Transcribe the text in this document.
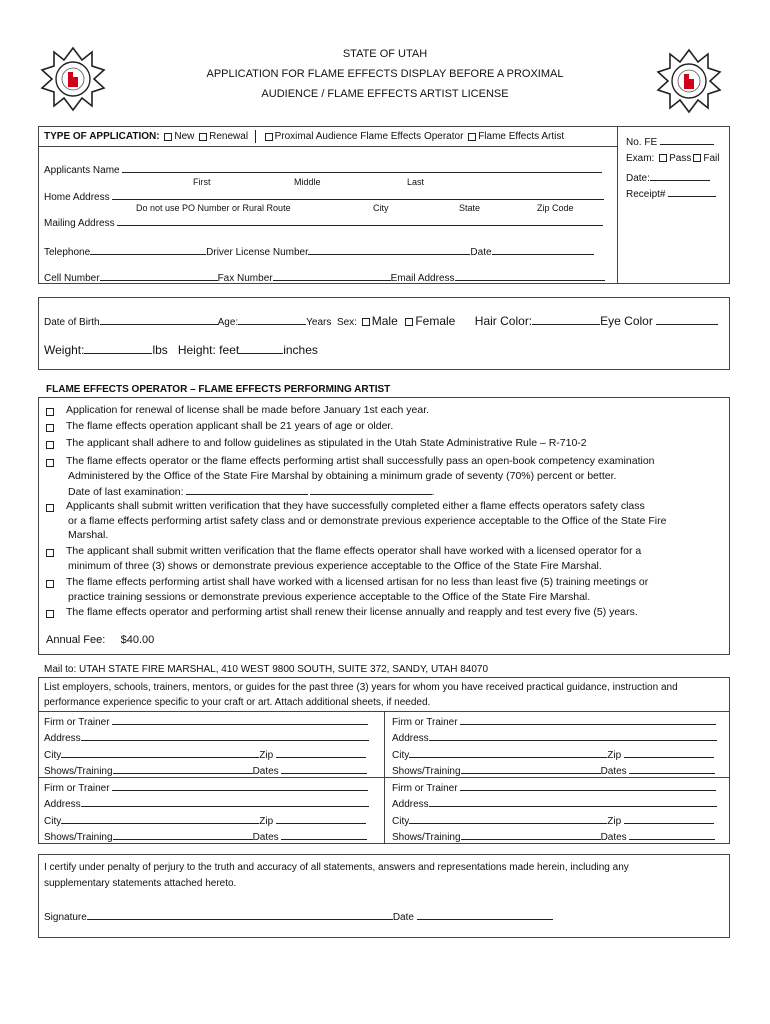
STATE OF UTAH
APPLICATION FOR FLAME EFFECTS DISPLAY BEFORE A PROXIMAL
AUDIENCE / FLAME EFFECTS ARTIST LICENSE
TYPE OF APPLICATION: New Renewal	Proximal Audience Flame Effects Operator Flame Effects Artist
No. FE
Exam: Pass Fail
Date:
Receipt#
Applicants Name
First	Middle	Last
Home Address
Do not use PO Number or Rural Route	City	State	Zip Code
Mailing Address
Telephone	Driver License Number	Date
Cell Number	Fax Number	Email Address
Date of Birth	Age:	Years Sex: Male Female Hair Color:	Eye Color
Weight:	lbs Height: feet	inches
FLAME EFFECTS OPERATOR – FLAME EFFECTS PERFORMING ARTIST
Application for renewal of license shall be made before January 1st each year.
The flame effects operation applicant shall be 21 years of age or older.
The applicant shall adhere to and follow guidelines as stipulated in the Utah State Administrative Rule – R-710-2
The flame effects operator or the flame effects performing artist shall successfully pass an open-book competency examination
Administered by the Office of the State Fire Marshal by obtaining a minimum grade of seventy (70%) percent or better.
Date of last examination:	.
Applicants shall submit written verification that they have successfully completed either a flame effects operators safety class
or a flame effects performing artist safety class and or demonstrate previous experience acceptable to the Office of the State Fire
Marshal.
The applicant shall submit written verification that the flame effects operator shall have worked with a licensed operator for a
minimum of three (3) shows or demonstrate previous experience acceptable to the Office of the State Fire Marshal.
The flame effects performing artist shall have worked with a licensed artisan for no less than least five (5) training meetings or
practice training sessions or demonstrate previous experience acceptable to the Office of the State Fire Marshal.
The flame effects operator and performing artist shall renew their license annually and reapply and test every five (5) years.
Annual Fee: $40.00
Mail to: UTAH STATE FIRE MARSHAL, 410 WEST 9800 SOUTH, SUITE 372, SANDY, UTAH 84070
List employers, schools, trainers, mentors, or guides for the past three (3) years for whom you have received practical guidance, instruction and
performance experience specific to your craft or art. Attach additional sheets, if needed.
Firm or Trainer
Address
City	Zip
Shows/Training	Dates
Firm or Trainer
Address
City	Zip
Shows/Training	Dates
Firm or Trainer
Address
City	Zip
Shows/Training	Dates
Firm or Trainer
Address
City	Zip
Shows/Training	Dates
I certify under penalty of perjury to the truth and accuracy of all statements, answers and representations made herein, including any
supplementary statements attached hereto.
Signature	Date
